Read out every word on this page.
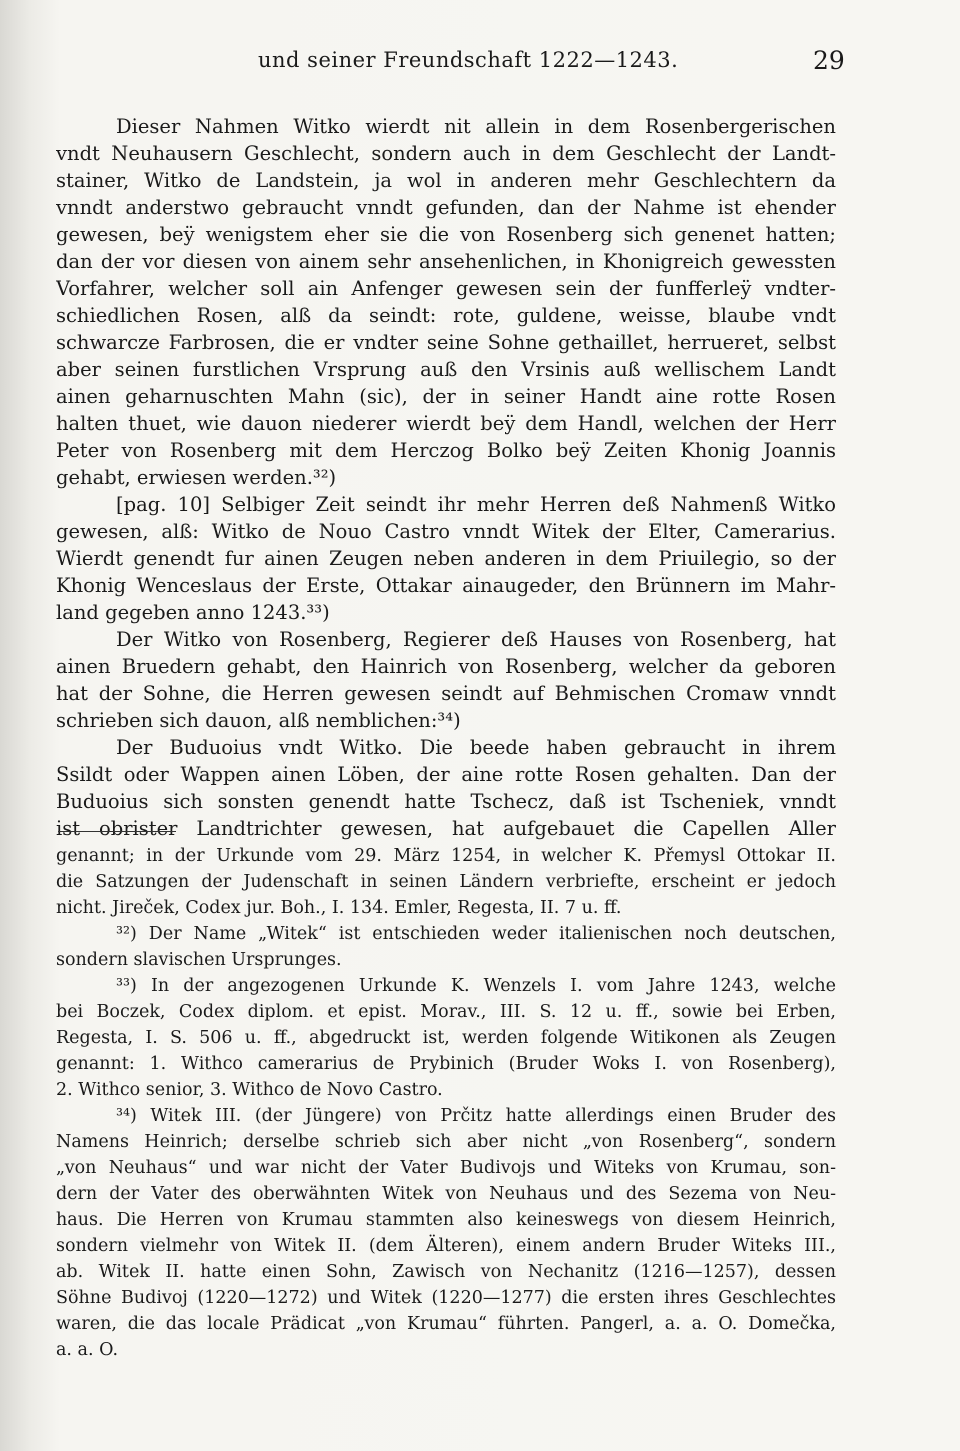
und seiner Freundschaft 1222—1243.	29
Dieser Nahmen Witko wierdt nit allein in dem Rosenbergerischen
vndt Neuhausern Geschlecht, sondern auch in dem Geschlecht der Landt-
stainer, Witko de Landstein, ja wol in anderen mehr Geschlechtern da
vnndt anderstwo gebraucht vnndt gefunden, dan der Nahme ist ehender
gewesen, beÿ wenigstem eher sie die von Rosenberg sich genenet hatten;
dan der vor diesen von ainem sehr ansehenlichen, in Khonigreich gewessten
Vorfahrer, welcher soll ain Anfenger gewesen sein der funfferleÿ vndter-
schiedlichen Rosen, alß da seindt: rote, guldene, weisse, blaube vndt
schwarcze Farbrosen, die er vndter seine Sohne gethaillet, herrueret, selbst
aber seinen furstlichen Vrsprung auß den Vrsinis auß wellischem Landt
ainen geharnuschten Mahn (sic), der in seiner Handt aine rotte Rosen
halten thuet, wie dauon niederer wierdt beÿ dem Handl, welchen der Herr
Peter von Rosenberg mit dem Herczog Bolko beÿ Zeiten Khonig Joannis
gehabt, erwiesen werden.³²)
[pag. 10] Selbiger Zeit seindt ihr mehr Herren deß Nahmenß Witko
gewesen, alß: Witko de Nouo Castro vnndt Witek der Elter, Camerarius.
Wierdt genendt fur ainen Zeugen neben anderen in dem Priuilegio, so der
Khonig Wenceslaus der Erste, Ottakar ainaugeder, den Brünnern im Mahr-
land gegeben anno 1243.³³)
Der Witko von Rosenberg, Regierer deß Hauses von Rosenberg, hat
ainen Bruedern gehabt, den Hainrich von Rosenberg, welcher da geboren
hat der Sohne, die Herren gewesen seindt auf Behmischen Cromaw vnndt
schrieben sich dauon, alß nemblichen:³⁴)
Der Buduoius vndt Witko. Die beede haben gebraucht in ihrem
Ssildt oder Wappen ainen Löben, der aine rotte Rosen gehalten. Dan der
Buduoius sich sonsten genendt hatte Tschecz, daß ist Tscheniek, vnndt
ist obrister Landtrichter gewesen, hat aufgebauet die Capellen Aller
genannt; in der Urkunde vom 29. März 1254, in welcher K. Přemysl Ottokar II.
die Satzungen der Judenschaft in seinen Ländern verbriefte, erscheint er jedoch
nicht. Jireček, Codex jur. Boh., I. 134. Emler, Regesta, II. 7 u. ff.
³²) Der Name „Witek“ ist entschieden weder italienischen noch deutschen,
sondern slavischen Ursprunges.
³³) In der angezogenen Urkunde K. Wenzels I. vom Jahre 1243, welche
bei Boczek, Codex diplom. et epist. Morav., III. S. 12 u. ff., sowie bei Erben,
Regesta, I. S. 506 u. ff., abgedruckt ist, werden folgende Witikonen als Zeugen
genannt: 1. Withco camerarius de Prybinich (Bruder Woks I. von Rosenberg),
2. Withco senior, 3. Withco de Novo Castro.
³⁴) Witek III. (der Jüngere) von Prčitz hatte allerdings einen Bruder des
Namens Heinrich; derselbe schrieb sich aber nicht „von Rosenberg“, sondern
„von Neuhaus“ und war nicht der Vater Budivojs und Witeks von Krumau, son-
dern der Vater des oberwähnten Witek von Neuhaus und des Sezema von Neu-
haus. Die Herren von Krumau stammten also keineswegs von diesem Heinrich,
sondern vielmehr von Witek II. (dem Älteren), einem andern Bruder Witeks III.,
ab. Witek II. hatte einen Sohn, Zawisch von Nechanitz (1216—1257), dessen
Söhne Budivoj (1220—1272) und Witek (1220—1277) die ersten ihres Geschlechtes
waren, die das locale Prädicat „von Krumau“ führten. Pangerl, a. a. O. Domečka,
a. a. O.
